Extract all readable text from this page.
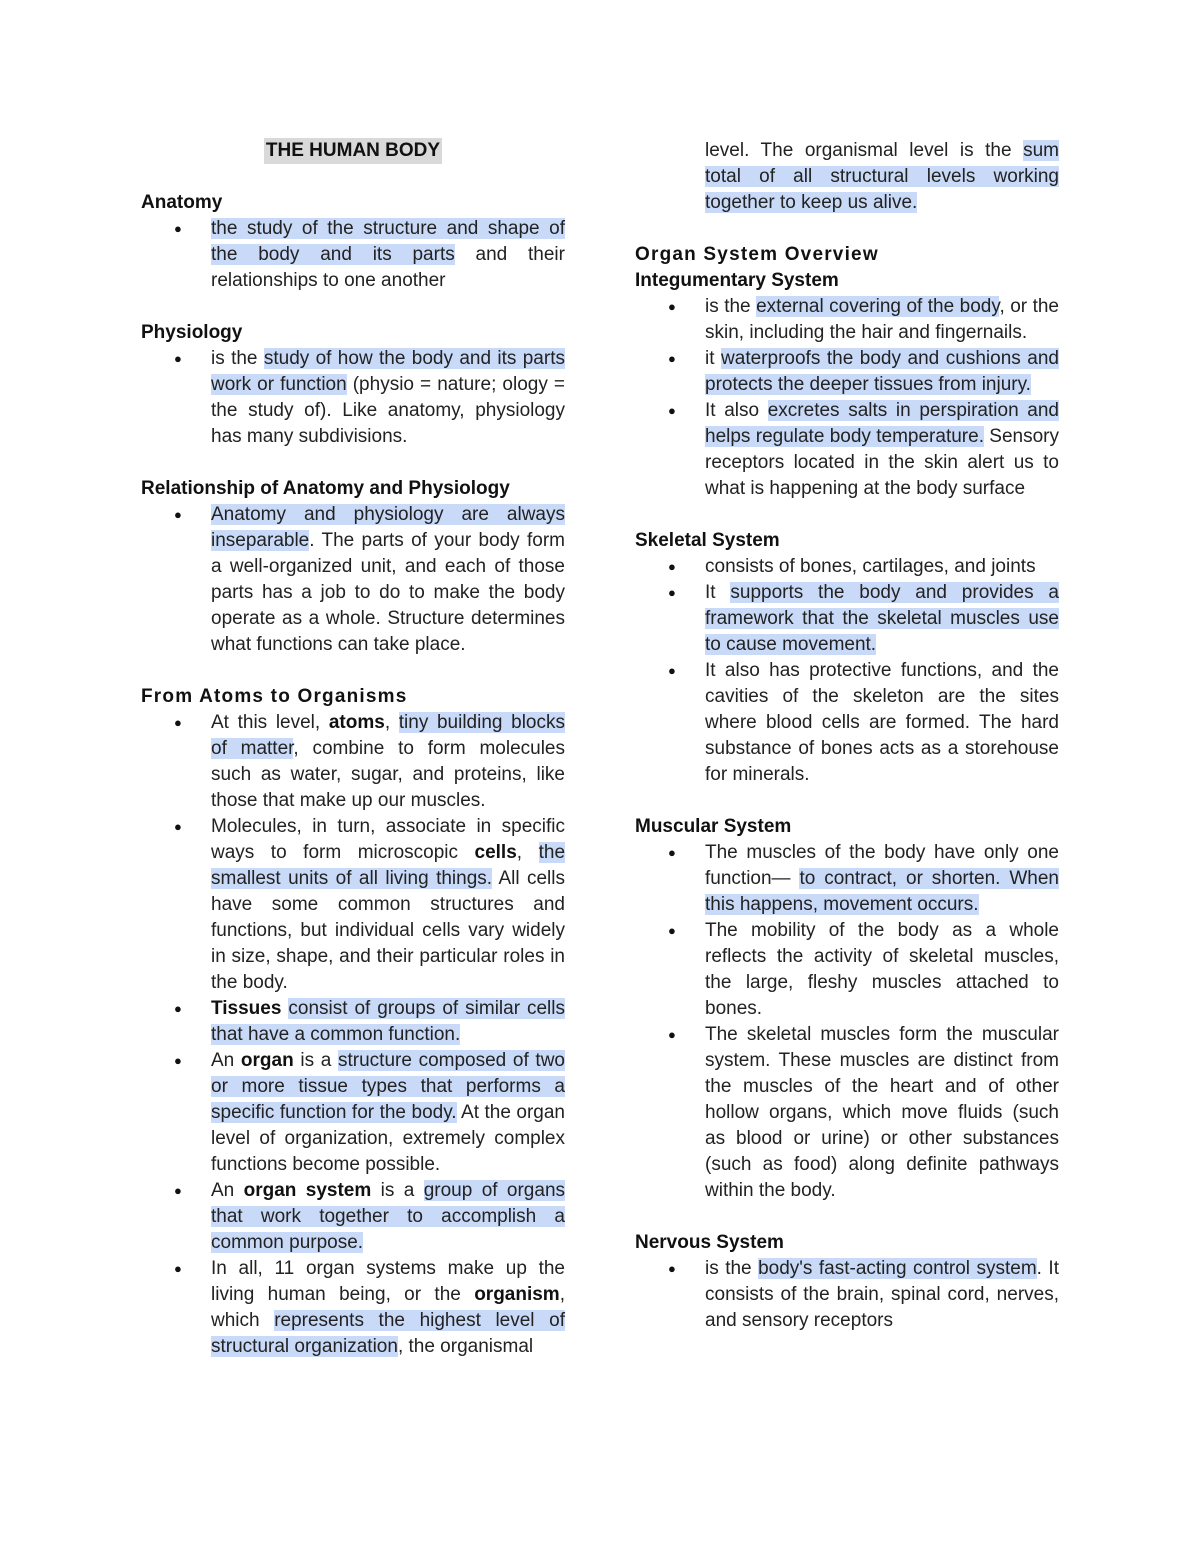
THE HUMAN BODY
Anatomy
● the study of the structure and shape of the body and its parts and their relationships to one another
Physiology
● is the study of how the body and its parts work or function (physio = nature; ology = the study of). Like anatomy, physiology has many subdivisions.
Relationship of Anatomy and Physiology
● Anatomy and physiology are always inseparable. The parts of your body form a well-organized unit, and each of those parts has a job to do to make the body operate as a whole. Structure determines what functions can take place.
From Atoms to Organisms
● At this level, atoms, tiny building blocks of matter, combine to form molecules such as water, sugar, and proteins, like those that make up our muscles.
● Molecules, in turn, associate in specific ways to form microscopic cells, the smallest units of all living things. All cells have some common structures and functions, but individual cells vary widely in size, shape, and their particular roles in the body.
● Tissues consist of groups of similar cells that have a common function.
● An organ is a structure composed of two or more tissue types that performs a specific function for the body. At the organ level of organization, extremely complex functions become possible.
● An organ system is a group of organs that work together to accomplish a common purpose.
● In all, 11 organ systems make up the living human being, or the organism, which represents the highest level of structural organization, the organismal
level. The organismal level is the sum total of all structural levels working together to keep us alive.
Organ System Overview
Integumentary System
● is the external covering of the body, or the skin, including the hair and fingernails.
● it waterproofs the body and cushions and protects the deeper tissues from injury.
● It also excretes salts in perspiration and helps regulate body temperature. Sensory receptors located in the skin alert us to what is happening at the body surface
Skeletal System
● consists of bones, cartilages, and joints
● It supports the body and provides a framework that the skeletal muscles use to cause movement.
● It also has protective functions, and the cavities of the skeleton are the sites where blood cells are formed. The hard substance of bones acts as a storehouse for minerals.
Muscular System
● The muscles of the body have only one function— to contract, or shorten. When this happens, movement occurs.
● The mobility of the body as a whole reflects the activity of skeletal muscles, the large, fleshy muscles attached to bones.
● The skeletal muscles form the muscular system. These muscles are distinct from the muscles of the heart and of other hollow organs, which move fluids (such as blood or urine) or other substances (such as food) along definite pathways within the body.
Nervous System
● is the body's fast-acting control system. It consists of the brain, spinal cord, nerves, and sensory receptors
